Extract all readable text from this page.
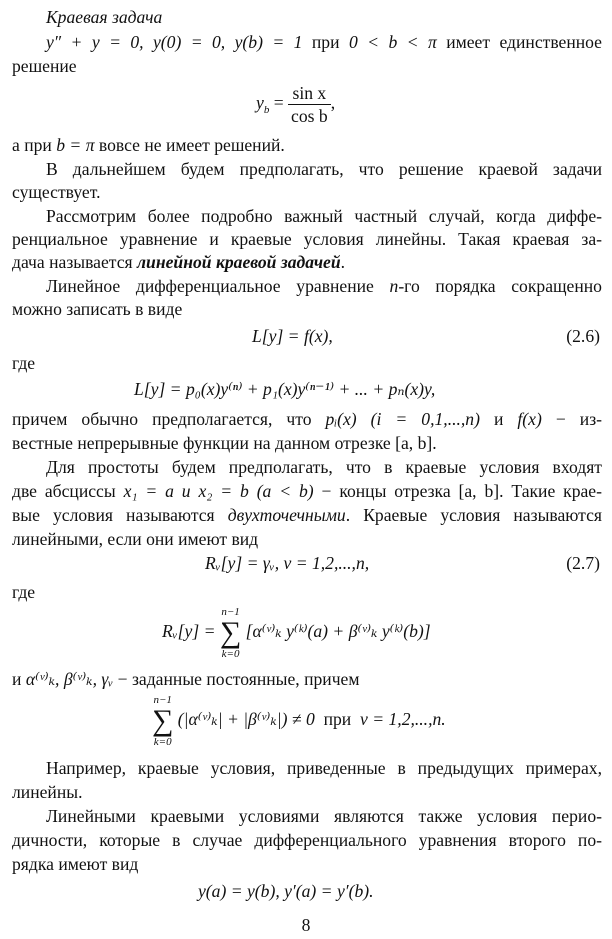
Краевая задача
y″ + y = 0, y(0) = 0, y(b) = 1 при 0 < b < π имеет единственное
решение
$y_b = \frac{\text{sin x}}{\text{cos b}}$ ,
а при b = π вовсе не имеет решений.
В дальнейшем будем предполагать, что решение краевой задачи
существует.
Рассмотрим более подробно важный частный случай, когда диффе-
ренциальное уравнение и краевые условия линейны. Такая краевая за-
дача называется линейной краевой задачей.
Линейное дифференциальное уравнение n-го порядка сокращенно
можно записать в виде
L[y] = f(x),	(2.6)
где
L[y] = p₀(x)y⁽ⁿ⁾ + p₁(x)y⁽ⁿ⁻¹⁾ + ... + pₙ(x)y,
причем обычно предполагается, что pᵢ(x) (i = 0,1,...,n) и f(x) − из-
вестные непрерывные функции на данном отрезке [a, b].
Для простоты будем предполагать, что в краевые условия входят
две абсциссы x₁ = a и x₂ = b (a < b) − концы отрезка [a, b]. Такие крае-
вые условия называются двухточечными. Краевые условия называются
линейными, если они имеют вид
Rᵥ[y] = γᵥ, ν = 1,2,...,n,	(2.7)
где
Rᵥ[y] =
n−1
∑
k=0
[α⁽ᵛ⁾ₖ y⁽ᵏ⁾(a) + β⁽ᵛ⁾ₖ y⁽ᵏ⁾(b)]
и α⁽ᵛ⁾ₖ, β⁽ᵛ⁾ₖ, γᵥ − заданные постоянные, причем
n−1
∑
k=0
(|α⁽ᵛ⁾ₖ| + |β⁽ᵛ⁾ₖ|) ≠ 0 при ν = 1,2,...,n.
Например, краевые условия, приведенные в предыдущих примерах,
линейны.
Линейными краевыми условиями являются также условия перио-
дичности, которые в случае дифференциального уравнения второго по-
рядка имеют вид
y(a) = y(b), y′(a) = y′(b).
8
